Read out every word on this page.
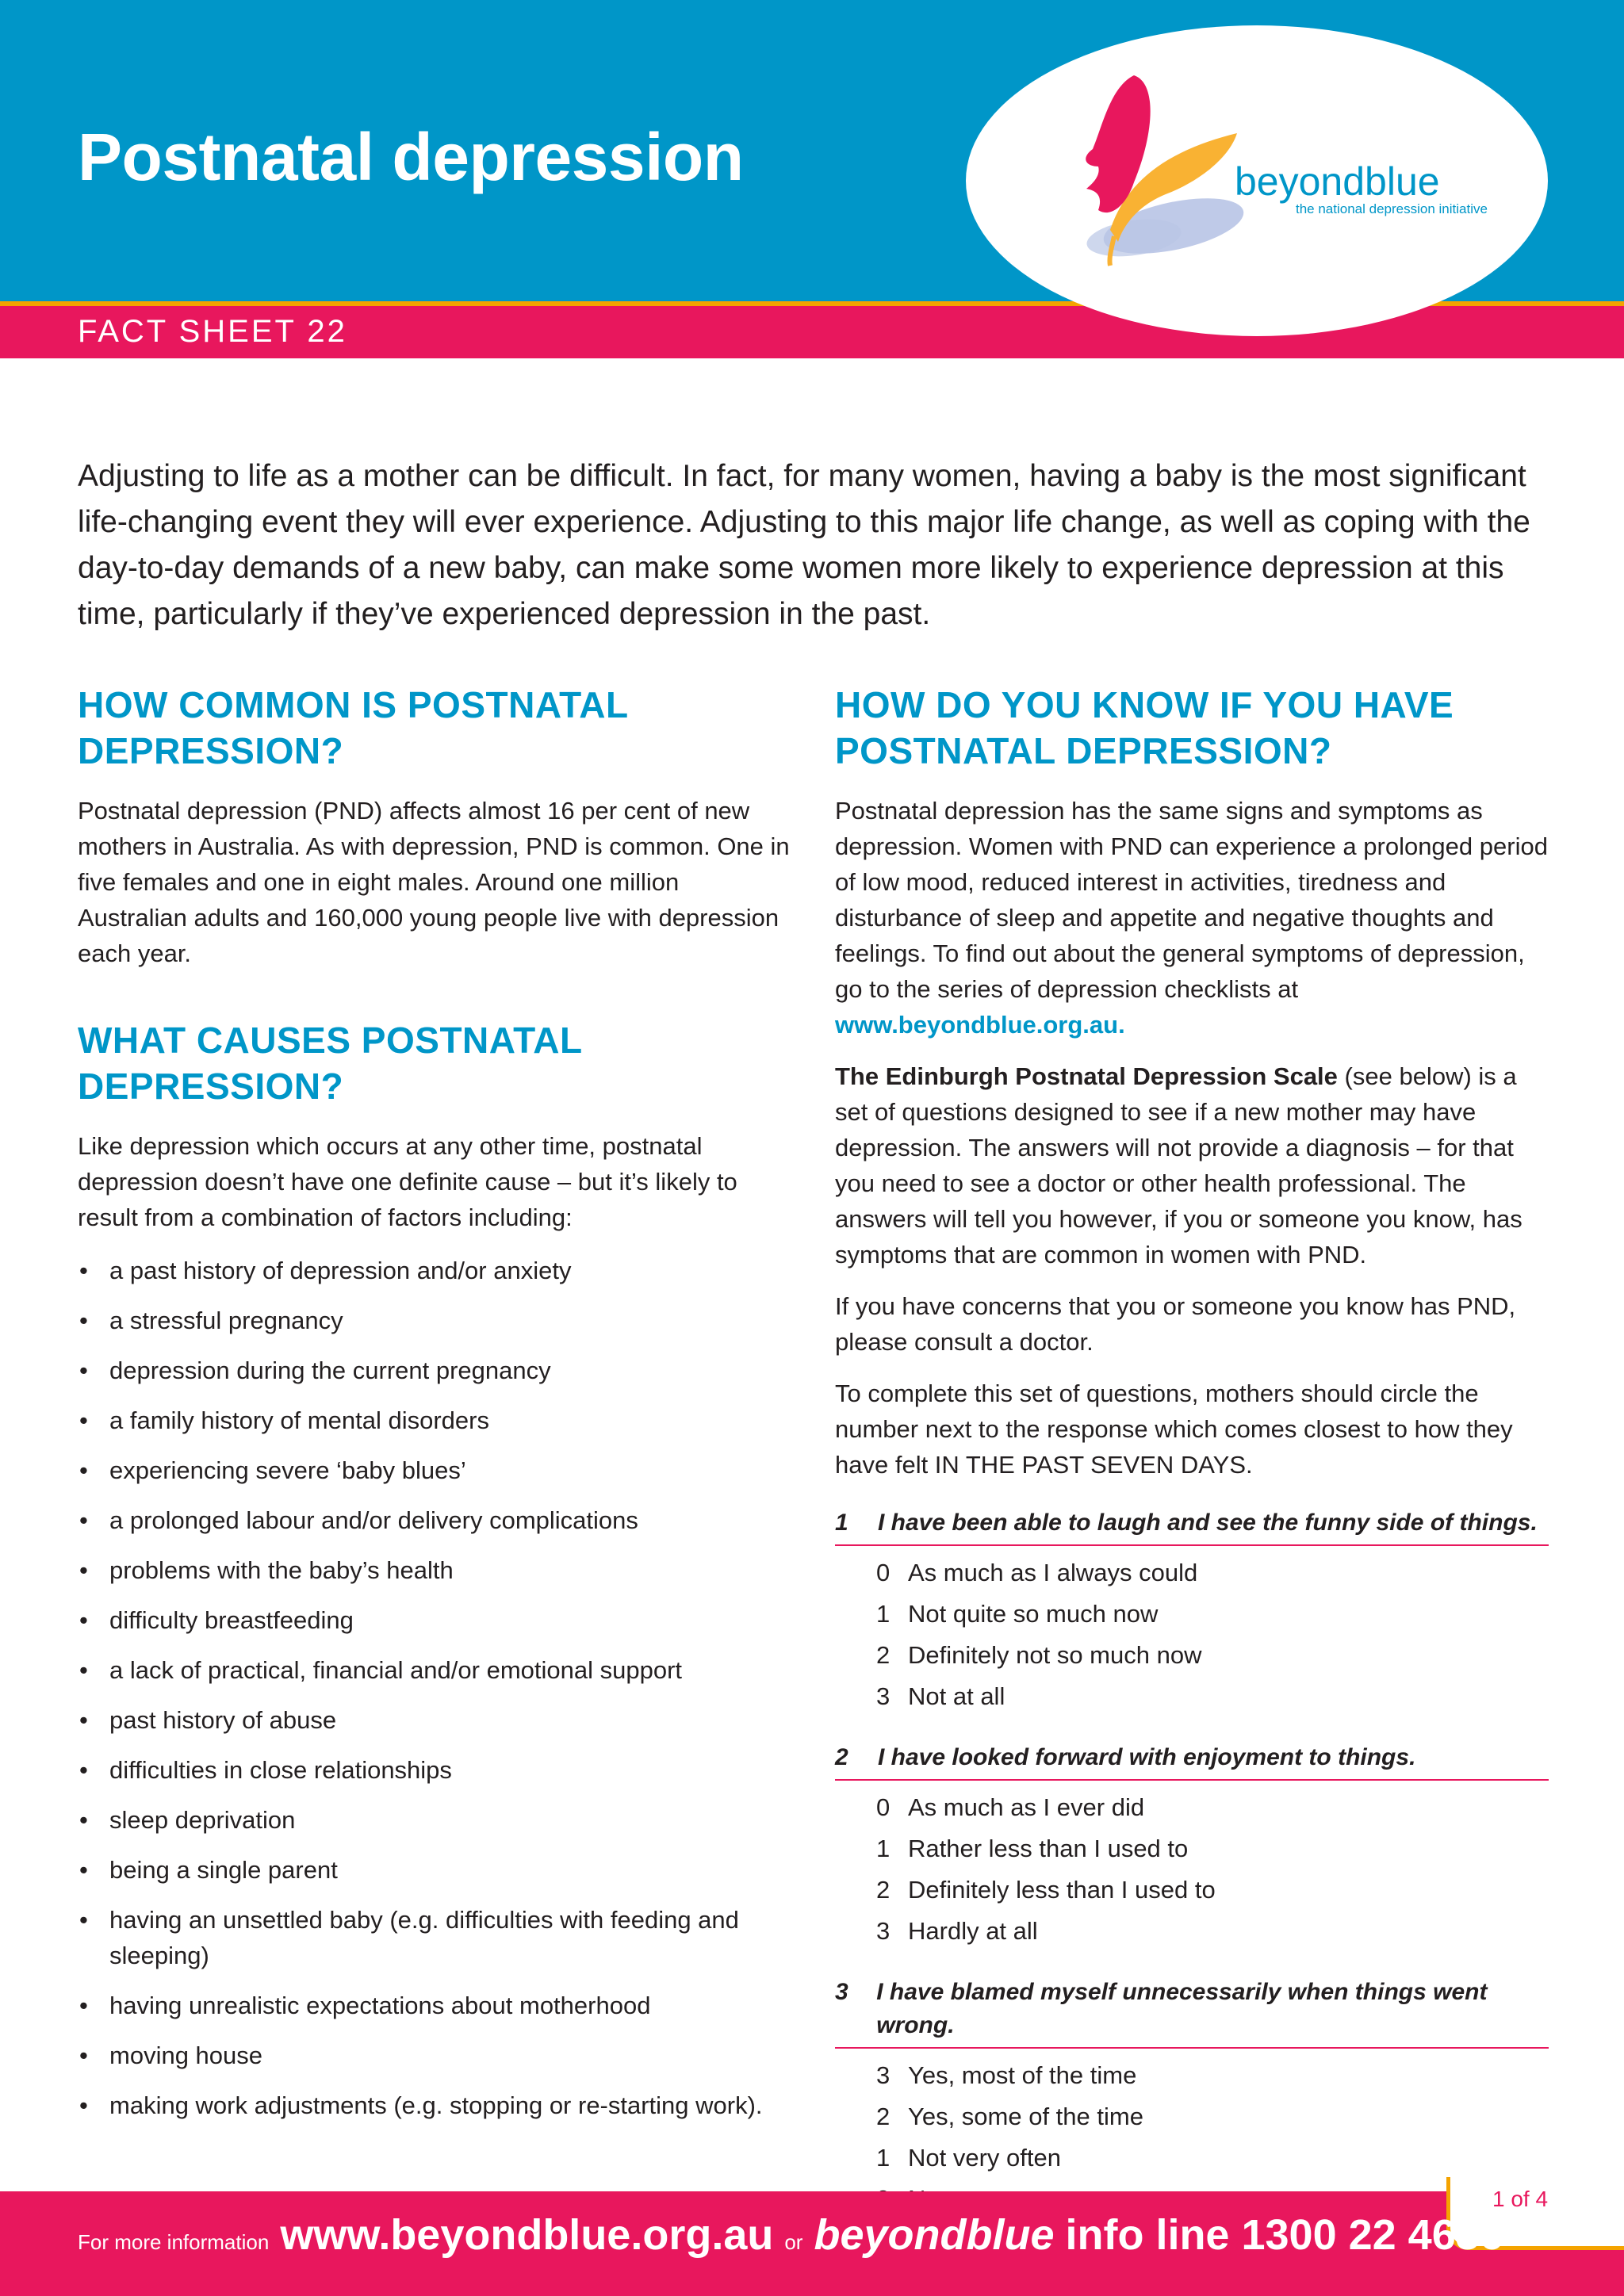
Postnatal depression
FACT SHEET 22
beyondblue
the national depression initiative

Adjusting to life as a mother can be difficult. In fact, for many women, having a baby is the most significant life-changing event they will ever experience. Adjusting to this major life change, as well as coping with the day-to-day demands of a new baby, can make some women more likely to experience depression at this time, particularly if they’ve experienced depression in the past.

HOW COMMON IS POSTNATAL DEPRESSION?

Postnatal depression (PND) affects almost 16 per cent of new mothers in Australia. As with depression, PND is common. One in five females and one in eight males. Around one million Australian adults and 160,000 young people live with depression each year.

WHAT CAUSES POSTNATAL DEPRESSION?

Like depression which occurs at any other time, postnatal depression doesn’t have one definite cause – but it’s likely to result from a combination of factors including:

• a past history of depression and/or anxiety
• a stressful pregnancy
• depression during the current pregnancy
• a family history of mental disorders
• experiencing severe ‘baby blues’
• a prolonged labour and/or delivery complications
• problems with the baby’s health
• difficulty breastfeeding
• a lack of practical, financial and/or emotional support
• past history of abuse
• difficulties in close relationships
• sleep deprivation
• being a single parent
• having an unsettled baby (e.g. difficulties with feeding and sleeping)
• having unrealistic expectations about motherhood
• moving house
• making work adjustments (e.g. stopping or re-starting work).
HOW DO YOU KNOW IF YOU HAVE POSTNATAL DEPRESSION?

Postnatal depression has the same signs and symptoms as depression. Women with PND can experience a prolonged period of low mood, reduced interest in activities, tiredness and disturbance of sleep and appetite and negative thoughts and feelings. To find out about the general symptoms of depression, go to the series of depression checklists at
www.beyondblue.org.au.

The Edinburgh Postnatal Depression Scale (see below) is a set of questions designed to see if a new mother may have depression. The answers will not provide a diagnosis – for that you need to see a doctor or other health professional. The answers will tell you however, if you or someone you know, has symptoms that are common in women with PND.

If you have concerns that you or someone you know has PND, please consult a doctor.

To complete this set of questions, mothers should circle the number next to the response which comes closest to how they have felt IN THE PAST SEVEN DAYS.

1	I have been able to laugh and see the funny side of things.
0 As much as I always could
1 Not quite so much now
2 Definitely not so much now
3 Not at all
2	I have looked forward with enjoyment to things.
0 As much as I ever did
1 Rather less than I used to
2 Definitely less than I used to
3 Hardly at all
3	I have blamed myself unnecessarily when things went wrong.
3 Yes, most of the time
2 Yes, some of the time
1 Not very often
1 of 4
For more information www.beyondblue.org.au or beyondblue info line 1300 22 4636
